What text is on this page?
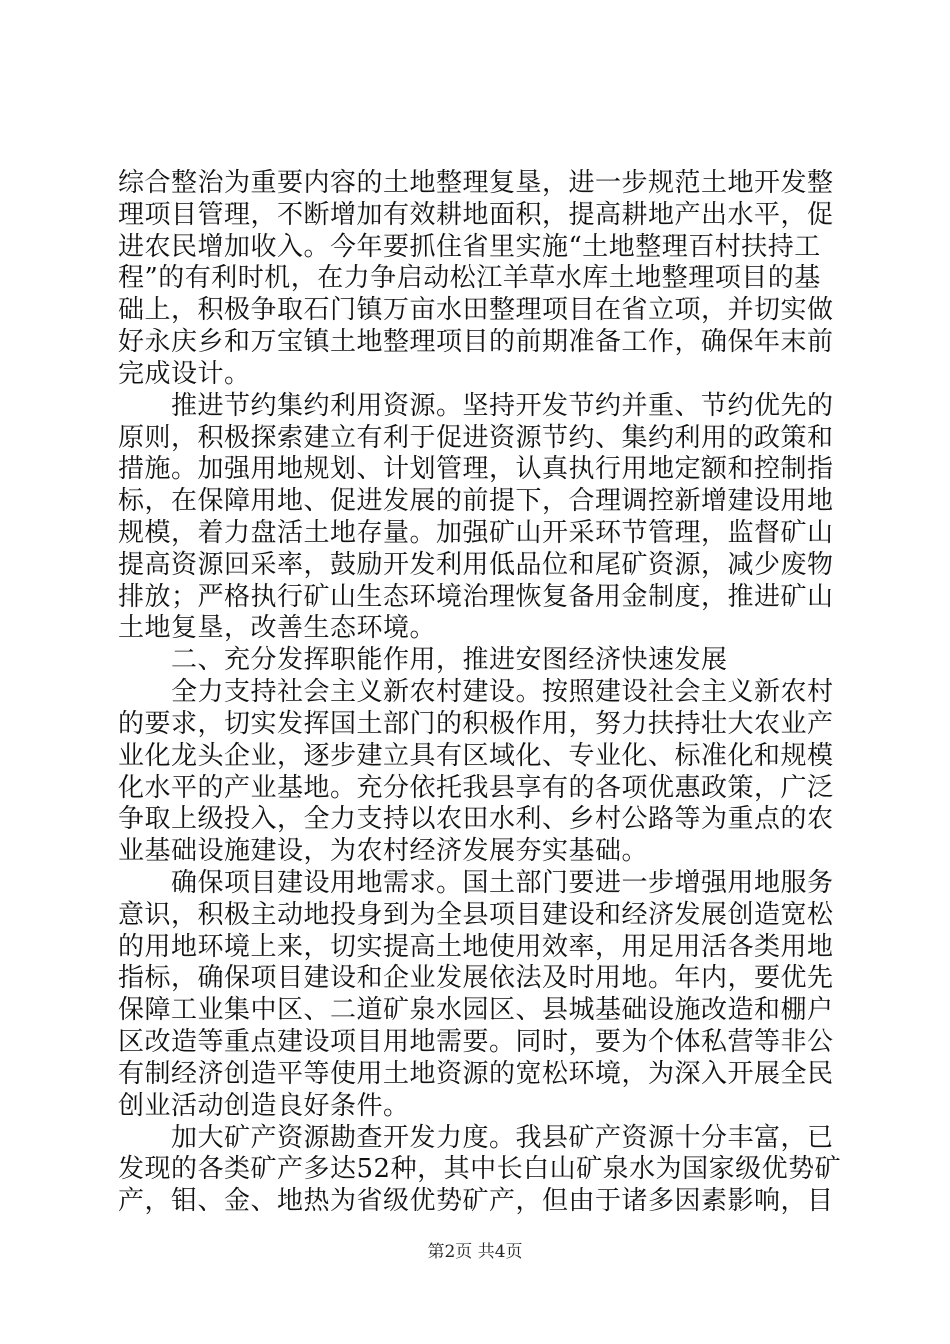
综合整治为重要内容的土地整理复垦，进一步规范土地开发整
理项目管理，不断增加有效耕地面积，提高耕地产出水平，促
进农民增加收入。今年要抓住省里实施“土地整理百村扶持工
程”的有利时机，在力争启动松江羊草水库土地整理项目的基
础上，积极争取石门镇万亩水田整理项目在省立项，并切实做
好永庆乡和万宝镇土地整理项目的前期准备工作，确保年末前
完成设计。
　　推进节约集约利用资源。坚持开发节约并重、节约优先的
原则，积极探索建立有利于促进资源节约、集约利用的政策和
措施。加强用地规划、计划管理，认真执行用地定额和控制指
标，在保障用地、促进发展的前提下，合理调控新增建设用地
规模，着力盘活土地存量。加强矿山开采环节管理，监督矿山
提高资源回采率，鼓励开发利用低品位和尾矿资源，减少废物
排放；严格执行矿山生态环境治理恢复备用金制度，推进矿山
土地复垦，改善生态环境。
　　二、充分发挥职能作用，推进安图经济快速发展
　　全力支持社会主义新农村建设。按照建设社会主义新农村
的要求，切实发挥国土部门的积极作用，努力扶持壮大农业产
业化龙头企业，逐步建立具有区域化、专业化、标准化和规模
化水平的产业基地。充分依托我县享有的各项优惠政策，广泛
争取上级投入，全力支持以农田水利、乡村公路等为重点的农
业基础设施建设，为农村经济发展夯实基础。
　　确保项目建设用地需求。国土部门要进一步增强用地服务
意识，积极主动地投身到为全县项目建设和经济发展创造宽松
的用地环境上来，切实提高土地使用效率，用足用活各类用地
指标，确保项目建设和企业发展依法及时用地。年内，要优先
保障工业集中区、二道矿泉水园区、县城基础设施改造和棚户
区改造等重点建设项目用地需要。同时，要为个体私营等非公
有制经济创造平等使用土地资源的宽松环境，为深入开展全民
创业活动创造良好条件。
　　加大矿产资源勘查开发力度。我县矿产资源十分丰富，已
发现的各类矿产多达52种，其中长白山矿泉水为国家级优势矿
产，钼、金、地热为省级优势矿产，但由于诸多因素影响，目
第2页 共4页
